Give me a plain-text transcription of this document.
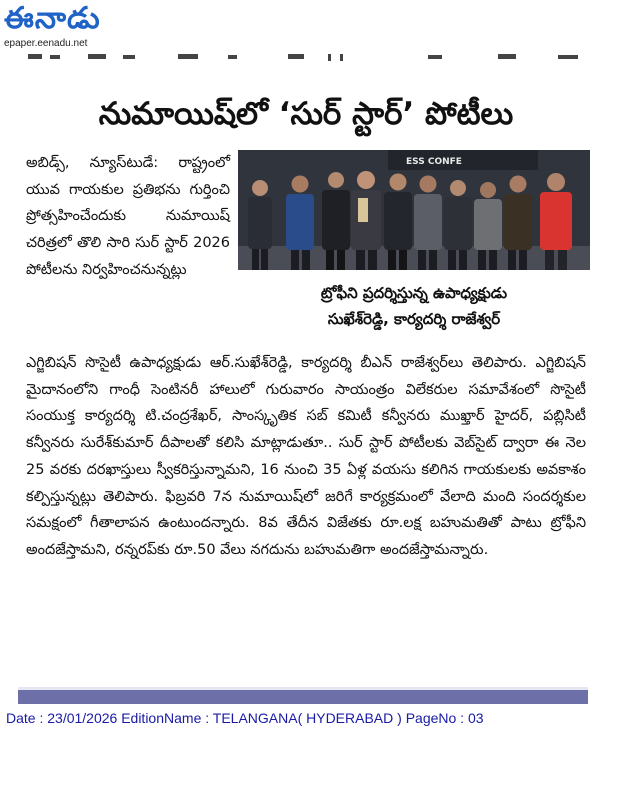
ఈనాడు
epaper.eenadu.net
నుమాయిష్‌లో ‘సుర్‌ స్టార్‌’ పోటీలు

అబిడ్స్‌, న్యూస్‌టుడే: రాష్ట్రంలో యువ గాయకుల ప్రతిభను గుర్తించి ప్రోత్సహించేందుకు నుమాయిష్‌ చరిత్రలో తొలి సారి సుర్‌ స్టార్‌ 2026 పోటీలను నిర్వహించనున్నట్లు

ESS CONFE
ట్రోఫీని ప్రదర్శిస్తున్న ఉపాధ్యక్షుడు
సుఖేశ్‌రెడ్డి, కార్యదర్శి రాజేశ్వర్‌

ఎగ్జిబిషన్‌ సొసైటీ ఉపాధ్యక్షుడు ఆర్‌.సుఖేశ్‌రెడ్డి, కార్యదర్శి బీఎన్‌ రాజేశ్వర్‌లు తెలిపారు. ఎగ్జిబిషన్‌ మైదానంలోని గాంధీ సెంటినరీ హాలులో గురువారం సాయంత్రం విలేకరుల సమావేశంలో సొసైటీ సంయుక్త కార్యదర్శి టి.చంద్రశేఖర్‌, సాంస్కృతిక సబ్‌ కమిటీ కన్వీనరు ముఖ్తార్‌ హైదర్‌, పబ్లిసిటీ కన్వీనరు సురేశ్‌కుమార్‌ దీపాలతో కలిసి మాట్లాడుతూ.. సుర్‌ స్టార్‌ పోటీలకు వెబ్‌సైట్‌ ద్వారా ఈ నెల 25 వరకు దరఖాస్తులు స్వీకరిస్తున్నామని, 16 నుంచి 35 ఏళ్ల వయసు కలిగిన గాయకులకు అవకాశం కల్పిస్తున్నట్లు తెలిపారు. ఫిబ్రవరి 7న నుమాయిష్‌లో జరిగే కార్యక్రమంలో వేలాది మంది సందర్శకుల సమక్షంలో గీతాలాపన ఉంటుందన్నారు. 8వ తేదీన విజేతకు రూ.లక్ష బహుమతితో పాటు ట్రోఫీని అందజేస్తామని, రన్నరప్‌కు రూ.50 వేలు నగదును బహుమతిగా అందజేస్తామన్నారు.

Date : 23/01/2026 EditionName : TELANGANA( HYDERABAD ) PageNo : 03
